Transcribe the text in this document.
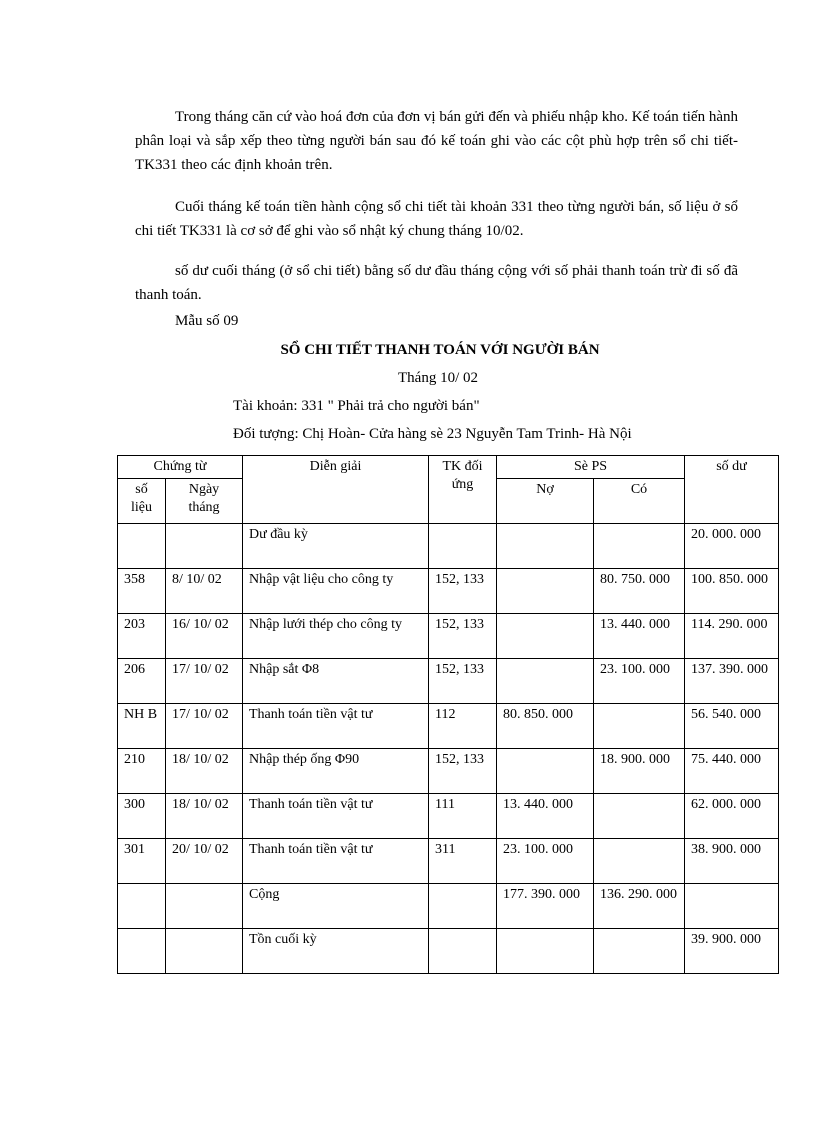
Trong tháng căn cứ vào hoá đơn của đơn vị bán gửi đến và phiếu nhập kho. Kế toán tiến hành phân loại và sắp xếp theo từng người bán sau đó kế toán ghi vào các cột phù hợp trên sổ chi tiết- TK331 theo các định khoản trên.

Cuối tháng kế toán tiền hành cộng sổ chi tiết tài khoản 331 theo từng người bán, số liệu ở sổ chi tiết TK331 là cơ sở để ghi vào sổ nhật ký chung tháng 10/02.

số dư cuối tháng (ở sổ chi tiết) bằng số dư đầu tháng cộng với số phải thanh toán trừ đi số đã thanh toán.

Mẫu số 09

SỔ CHI TIẾT THANH TOÁN VỚI NGƯỜI BÁN

Tháng 10/ 02

Tài khoản: 331 " Phải trả cho người bán"

Đối tượng: Chị Hoàn- Cửa hàng sè 23 Nguyễn Tam Trinh- Hà Nội

Chứng từ		Diễn giải	TK đối ứng	Sè PS		số dư
số liệu	Ngày tháng			Nợ	Có	
		Dư đầu kỳ				20. 000. 000
358	8/ 10/ 02	Nhập vật liệu cho công ty	152, 133		80. 750. 000	100. 850. 000
203	16/ 10/ 02	Nhập lưới thép cho công ty	152, 133		13. 440. 000	114. 290. 000
206	17/ 10/ 02	Nhập sắt Φ8	152, 133		23. 100. 000	137. 390. 000
NH B	17/ 10/ 02	Thanh toán tiền vật tư	112	80. 850. 000		56. 540. 000
210	18/ 10/ 02	Nhập thép ống Φ90	152, 133		18. 900. 000	75. 440. 000
300	18/ 10/ 02	Thanh toán tiền vật tư	111	13. 440. 000		62. 000. 000
301	20/ 10/ 02	Thanh toán tiền vật tư	311	23. 100. 000		38. 900. 000
		Cộng		177. 390. 000	136. 290. 000	
		Tồn cuối kỳ				39. 900. 000
